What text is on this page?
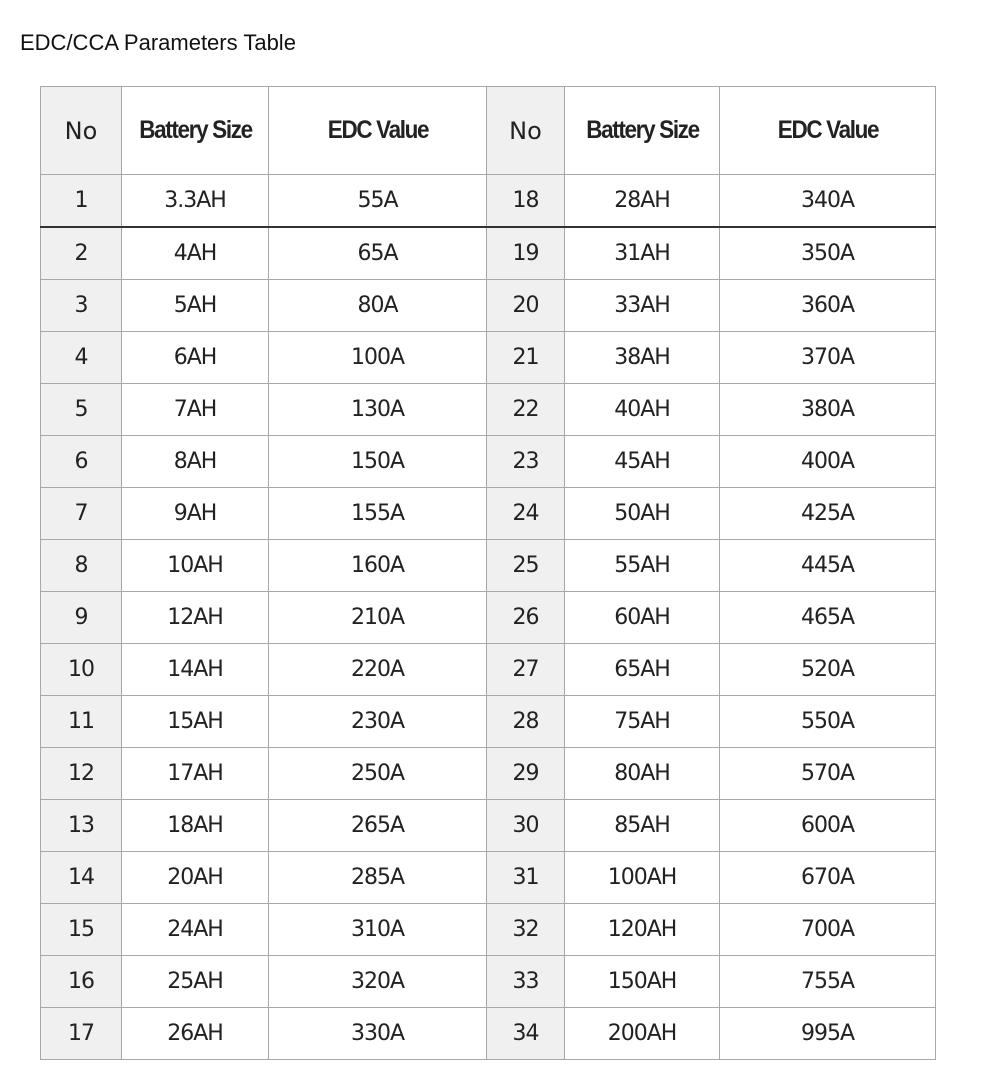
EDC/CCA Parameters Table
No	Battery Size	EDC Value	No	Battery Size	EDC Value
1	3.3AH	55A	18	28AH	340A
2	4AH	65A	19	31AH	350A
3	5AH	80A	20	33AH	360A
4	6AH	100A	21	38AH	370A
5	7AH	130A	22	40AH	380A
6	8AH	150A	23	45AH	400A
7	9AH	155A	24	50AH	425A
8	10AH	160A	25	55AH	445A
9	12AH	210A	26	60AH	465A
10	14AH	220A	27	65AH	520A
11	15AH	230A	28	75AH	550A
12	17AH	250A	29	80AH	570A
13	18AH	265A	30	85AH	600A
14	20AH	285A	31	100AH	670A
15	24AH	310A	32	120AH	700A
16	25AH	320A	33	150AH	755A
17	26AH	330A	34	200AH	995A
